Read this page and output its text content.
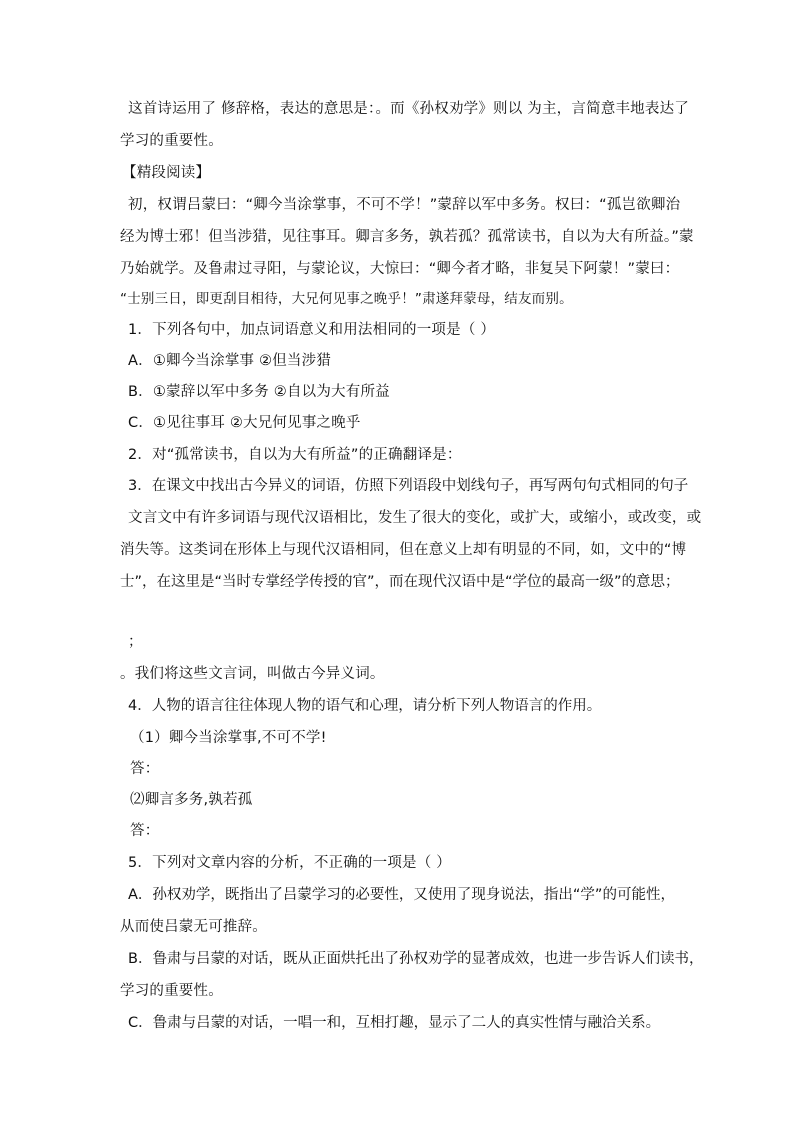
这首诗运用了 修辞格，表达的意思是：。而《孙权劝学》则以 为主，言简意丰地表达了
学习的重要性。
【精段阅读】
初，权谓吕蒙曰：“卿今当涂掌事，不可不学！”蒙辞以军中多务。权曰：“孤岂欲卿治
经为博士邪！但当涉猎，见往事耳。卿言多务，孰若孤？孤常读书，自以为大有所益。”蒙
乃始就学。及鲁肃过寻阳，与蒙论议，大惊曰：“卿今者才略，非复吴下阿蒙！”蒙曰：
“士别三日，即更刮目相待，大兄何见事之晚乎！”肃遂拜蒙母，结友而别。
1．下列各句中，加点词语意义和用法相同的一项是（ ）
A．①卿今当涂掌事 ②但当涉猎
B．①蒙辞以军中多务 ②自以为大有所益
C．①见往事耳 ②大兄何见事之晚乎
2．对“孤常读书，自以为大有所益”的正确翻译是：
3．在课文中找出古今异义的词语，仿照下列语段中划线句子，再写两句句式相同的句子
文言文中有许多词语与现代汉语相比，发生了很大的变化，或扩大，或缩小，或改变，或
消失等。这类词在形体上与现代汉语相同，但在意义上却有明显的不同，如，文中的“博
士”，在这里是“当时专掌经学传授的官”，而在现代汉语中是“学位的最高一级”的意思；
；
。我们将这些文言词，叫做古今异义词。
4．人物的语言往往体现人物的语气和心理，请分析下列人物语言的作用。
（1）卿今当涂掌事,不可不学!
答：
⑵卿言多务,孰若孤
答：
5．下列对文章内容的分析，不正确的一项是（ ）
A．孙权劝学，既指出了吕蒙学习的必要性，又使用了现身说法，指出“学”的可能性，
从而使吕蒙无可推辞。
B．鲁肃与吕蒙的对话，既从正面烘托出了孙权劝学的显著成效，也进一步告诉人们读书，
学习的重要性。
C．鲁肃与吕蒙的对话，一唱一和，互相打趣，显示了二人的真实性情与融洽关系。
